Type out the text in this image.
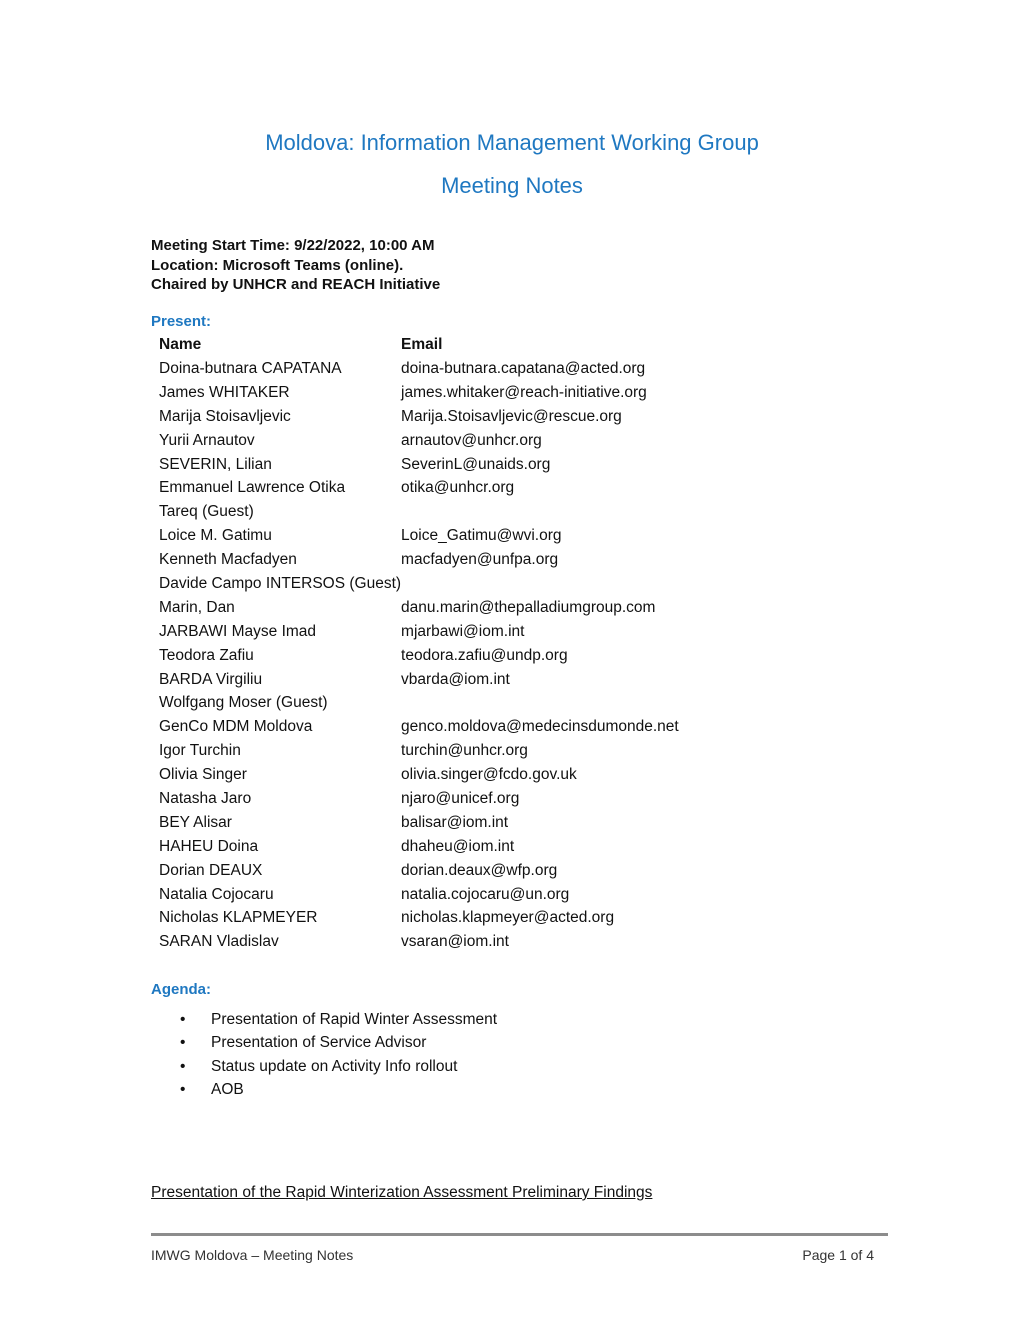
Moldova: Information Management Working Group
Meeting Notes
Meeting Start Time: 9/22/2022, 10:00 AM
Location: Microsoft Teams (online).
Chaired by UNHCR and REACH Initiative
Present:
Name	Email
Doina-butnara CAPATANA	doina-butnara.capatana@acted.org
James WHITAKER	james.whitaker@reach-initiative.org
Marija Stoisavljevic	Marija.Stoisavljevic@rescue.org
Yurii Arnautov	arnautov@unhcr.org
SEVERIN, Lilian	SeverinL@unaids.org
Emmanuel Lawrence Otika	otika@unhcr.org
Tareq (Guest)	
Loice M. Gatimu	Loice_Gatimu@wvi.org
Kenneth Macfadyen	macfadyen@unfpa.org
Davide Campo INTERSOS (Guest)	
Marin, Dan	danu.marin@thepalladiumgroup.com
JARBAWI Mayse Imad	mjarbawi@iom.int
Teodora Zafiu	teodora.zafiu@undp.org
BARDA Virgiliu	vbarda@iom.int
Wolfgang Moser (Guest)	
GenCo MDM Moldova	genco.moldova@medecinsdumonde.net
Igor Turchin	turchin@unhcr.org
Olivia Singer	olivia.singer@fcdo.gov.uk
Natasha Jaro	njaro@unicef.org
BEY Alisar	balisar@iom.int
HAHEU Doina	dhaheu@iom.int
Dorian DEAUX	dorian.deaux@wfp.org
Natalia Cojocaru	natalia.cojocaru@un.org
Nicholas KLAPMEYER	nicholas.klapmeyer@acted.org
SARAN Vladislav	vsaran@iom.int
Agenda:
• Presentation of Rapid Winter Assessment
• Presentation of Service Advisor
• Status update on Activity Info rollout
• AOB
Presentation of the Rapid Winterization Assessment Preliminary Findings
IMWG Moldova – Meeting Notes	Page 1 of 4
